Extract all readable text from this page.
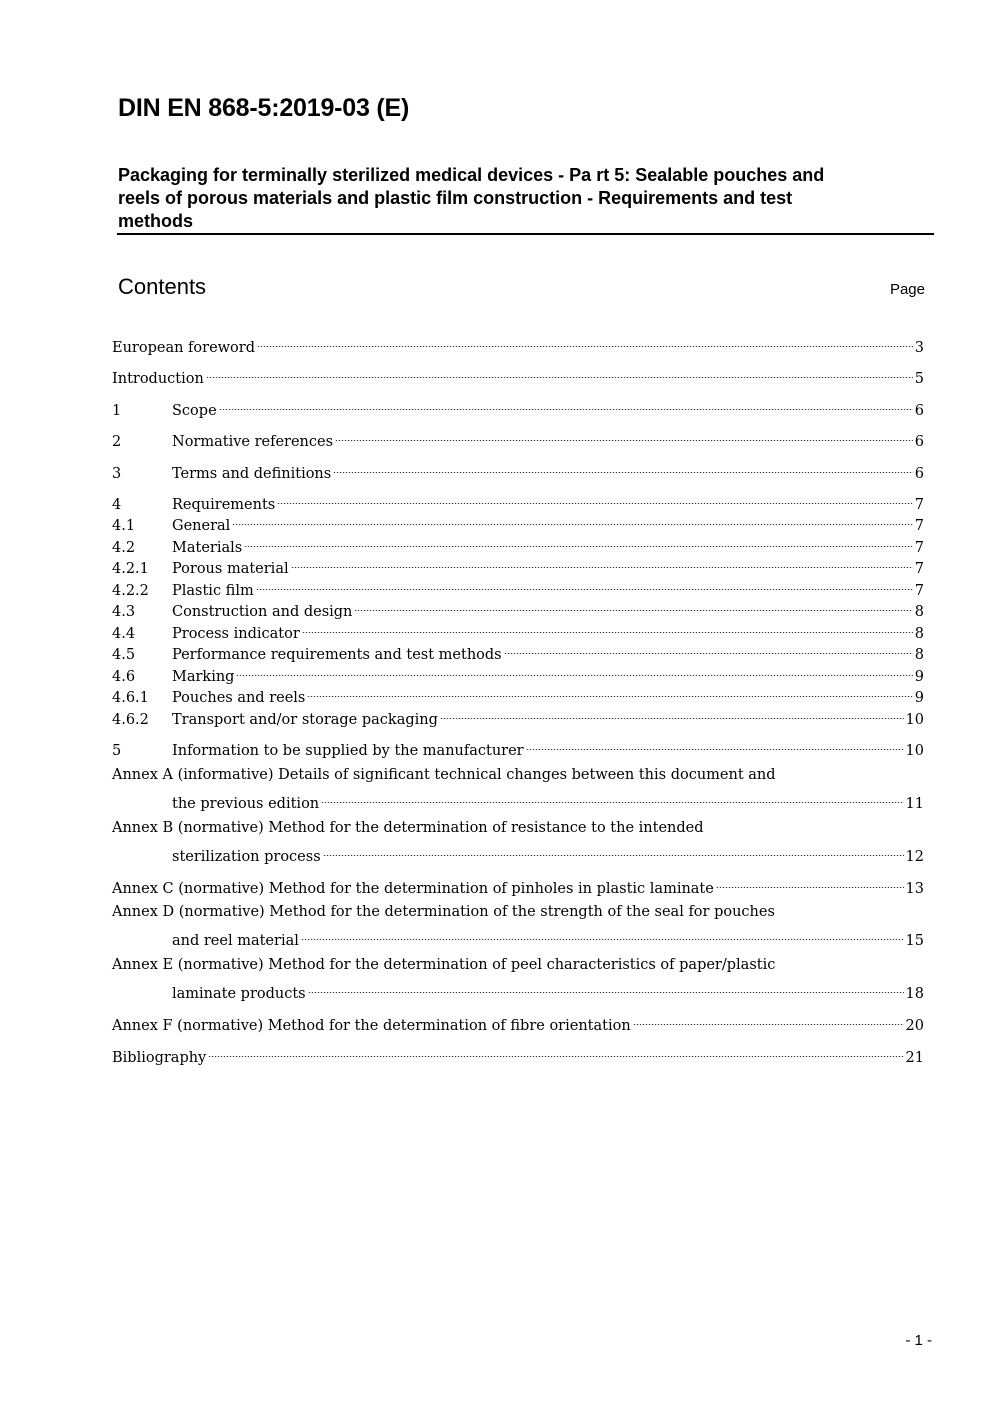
DIN EN 868-5:2019-03 (E)
Packaging for terminally sterilized medical devices - Pa rt 5: Sealable pouches and
reels of porous materials and plastic film construction - Requirements and test
methods
Contents	Page
European foreword	3
Introduction	5
1	Scope	6
2	Normative references	6
3	Terms and definitions	6
4	Requirements	7
4.1	General	7
4.2	Materials	7
4.2.1	Porous material	7
4.2.2	Plastic film	7
4.3	Construction and design	8
4.4	Process indicator	8
4.5	Performance requirements and test methods	8
4.6	Marking	9
4.6.1	Pouches and reels	9
4.6.2	Transport and/or storage packaging	10
5	Information to be supplied by the manufacturer	10
Annex A (informative) Details of significant technical changes between this document and
the previous edition	11
Annex B (normative) Method for the determination of resistance to the intended
sterilization process	12
Annex C (normative) Method for the determination of pinholes in plastic laminate	13
Annex D (normative) Method for the determination of the strength of the seal for pouches
and reel material	15
Annex E (normative) Method for the determination of peel characteristics of paper/plastic
laminate products	18
Annex F (normative) Method for the determination of fibre orientation	20
Bibliography	21
- 1 -
